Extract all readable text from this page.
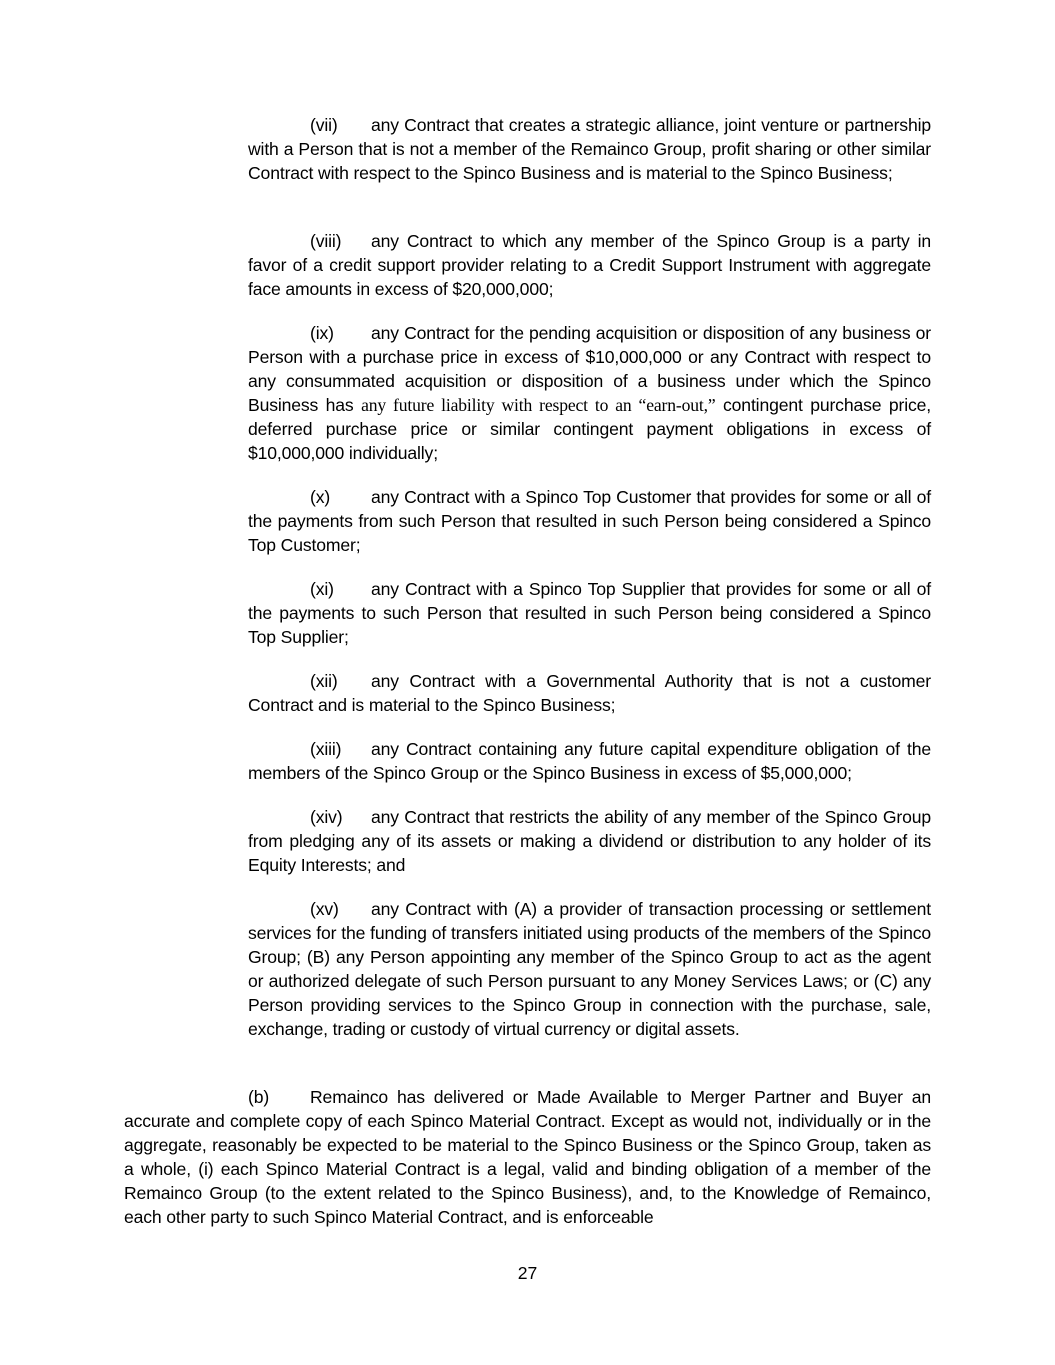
(vii) any Contract that creates a strategic alliance, joint venture or partnership with a Person that is not a member of the Remainco Group, profit sharing or other similar Contract with respect to the Spinco Business and is material to the Spinco Business;

(viii) any Contract to which any member of the Spinco Group is a party in favor of a credit support provider relating to a Credit Support Instrument with aggregate face amounts in excess of $20,000,000;

(ix) any Contract for the pending acquisition or disposition of any business or Person with a purchase price in excess of $10,000,000 or any Contract with respect to any consummated acquisition or disposition of a business under which the Spinco Business has any future liability with respect to an “earn-out,” contingent purchase price, deferred purchase price or similar contingent payment obligations in excess of $10,000,000 individually;

(x) any Contract with a Spinco Top Customer that provides for some or all of the payments from such Person that resulted in such Person being considered a Spinco Top Customer;

(xi) any Contract with a Spinco Top Supplier that provides for some or all of the payments to such Person that resulted in such Person being considered a Spinco Top Supplier;

(xii) any Contract with a Governmental Authority that is not a customer Contract and is material to the Spinco Business;

(xiii) any Contract containing any future capital expenditure obligation of the members of the Spinco Group or the Spinco Business in excess of $5,000,000;

(xiv) any Contract that restricts the ability of any member of the Spinco Group from pledging any of its assets or making a dividend or distribution to any holder of its Equity Interests; and

(xv) any Contract with (A) a provider of transaction processing or settlement services for the funding of transfers initiated using products of the members of the Spinco Group; (B) any Person appointing any member of the Spinco Group to act as the agent or authorized delegate of such Person pursuant to any Money Services Laws; or (C) any Person providing services to the Spinco Group in connection with the purchase, sale, exchange, trading or custody of virtual currency or digital assets.

(b) Remainco has delivered or Made Available to Merger Partner and Buyer an accurate and complete copy of each Spinco Material Contract. Except as would not, individually or in the aggregate, reasonably be expected to be material to the Spinco Business or the Spinco Group, taken as a whole, (i) each Spinco Material Contract is a legal, valid and binding obligation of a member of the Remainco Group (to the extent related to the Spinco Business), and, to the Knowledge of Remainco, each other party to such Spinco Material Contract, and is enforceable

27
